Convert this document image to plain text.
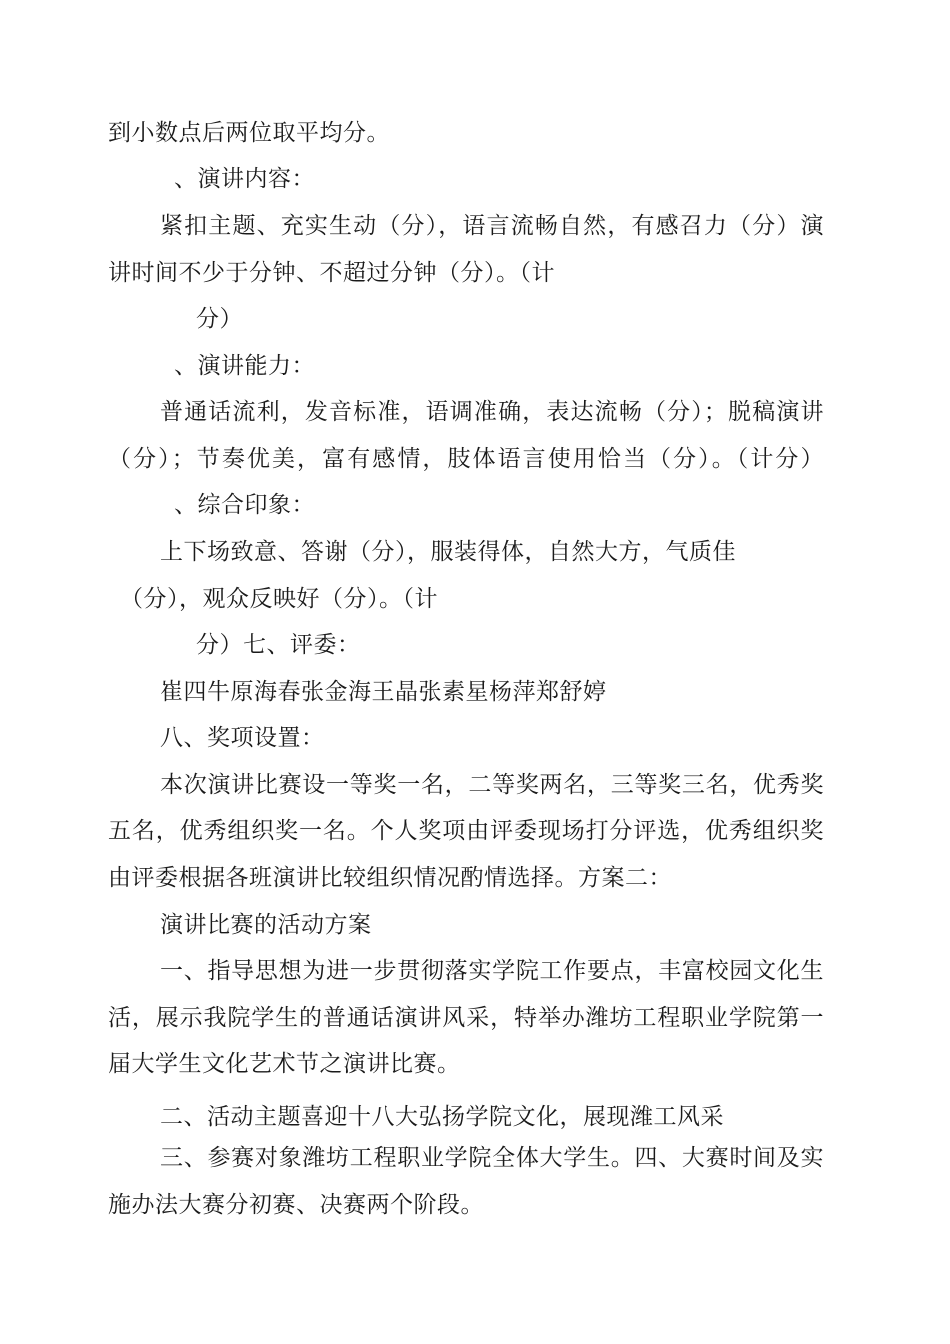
到小数点后两位取平均分。
、演讲内容：
紧扣主题、充实生动（分），语言流畅自然，有感召力（分）演
讲时间不少于分钟、不超过分钟（分）。（计
分）
、演讲能力：
普通话流利，发音标准，语调准确，表达流畅（分）；脱稿演讲
（分）；节奏优美，富有感情，肢体语言使用恰当（分）。（计分）
、综合印象：
上下场致意、答谢（分），服装得体，自然大方，气质佳
（分），观众反映好（分）。（计
分）七、评委：
崔四牛原海春张金海王晶张素星杨萍郑舒婷
八、奖项设置：
本次演讲比赛设一等奖一名，二等奖两名，三等奖三名，优秀奖
五名，优秀组织奖一名。个人奖项由评委现场打分评选，优秀组织奖
由评委根据各班演讲比较组织情况酌情选择。方案二：
演讲比赛的活动方案
一、指导思想为进一步贯彻落实学院工作要点，丰富校园文化生
活，展示我院学生的普通话演讲风采，特举办潍坊工程职业学院第一
届大学生文化艺术节之演讲比赛。
二、活动主题喜迎十八大弘扬学院文化，展现潍工风采
三、参赛对象潍坊工程职业学院全体大学生。四、大赛时间及实
施办法大赛分初赛、决赛两个阶段。
